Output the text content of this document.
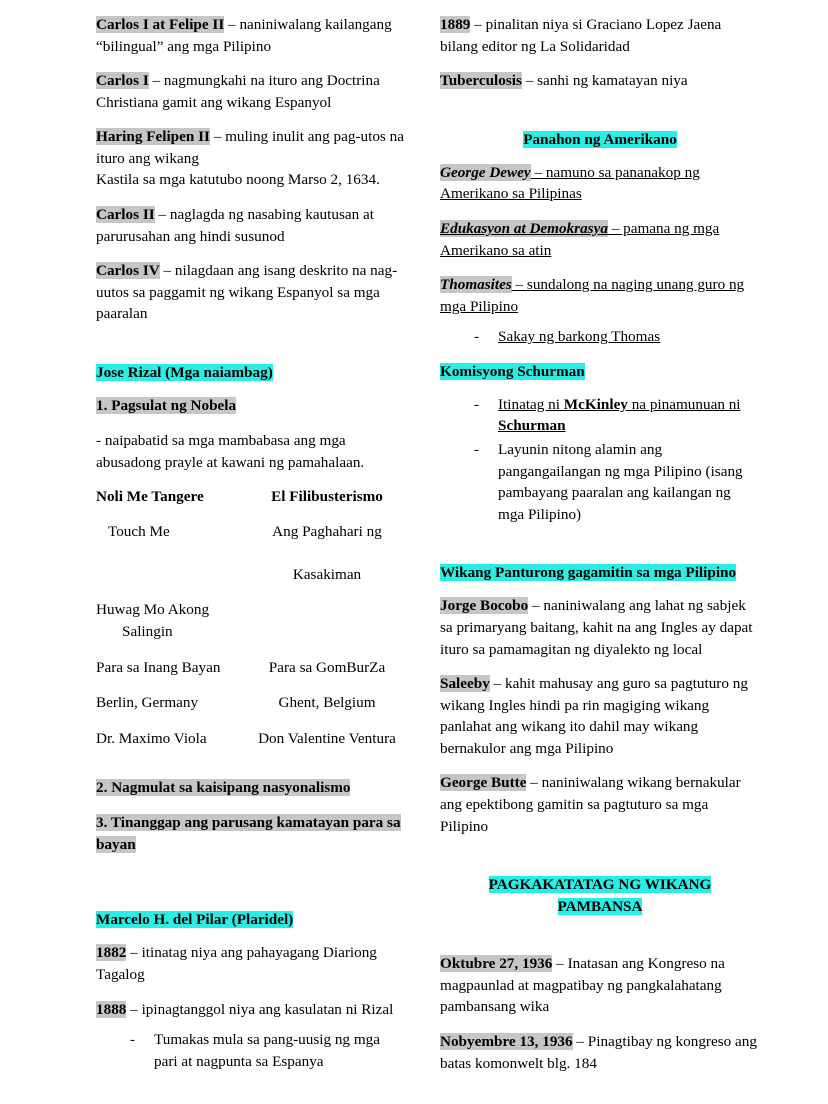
Carlos I at Felipe II – naniniwalang kailangang “bilingual” ang mga Pilipino

Carlos I – nagmungkahi na ituro ang Doctrina Christiana gamit ang wikang Espanyol

Haring Felipen II – muling inulit ang pag-utos na ituro ang wikang
Kastila sa mga katutubo noong Marso 2, 1634.

Carlos II – naglagda ng nasabing kautusan at parurusahan ang hindi susunod

Carlos IV – nilagdaan ang isang deskrito na nag-uutos sa paggamit ng wikang Espanyol sa mga paaralan

Jose Rizal (Mga naiambag)

1. Pagsulat ng Nobela

- naipabatid sa mga mambabasa ang mga abusadong prayle at kawani ng pamahalaan.

Noli Me Tangere	El Filibusterismo
Touch Me	Ang Paghahari ng

Kasakiman
Huwag Mo Akong
Salingin	
Para sa Inang Bayan	Para sa GomBurZa
Berlin, Germany	Ghent, Belgium
Dr. Maximo Viola	Don Valentine Ventura

2. Nagmulat sa kaisipang nasyonalismo

3. Tinanggap ang parusang kamatayan para sa bayan

Marcelo H. del Pilar (Plaridel)

1882 – itinatag niya ang pahayagang Diariong Tagalog

1888 – ipinagtanggol niya ang kasulatan ni Rizal

- Tumakas mula sa pang-uusig ng mga pari at nagpunta sa Espanya

1889 – pinalitan niya si Graciano Lopez Jaena bilang editor ng La Solidaridad

Tuberculosis – sanhi ng kamatayan niya

Panahon ng Amerikano

George Dewey – namuno sa pananakop ng Amerikano sa Pilipinas

Edukasyon at Demokrasya – pamana ng mga Amerikano sa atin

Thomasites – sundalong na naging unang guro ng mga Pilipino

- Sakay ng barkong Thomas

Komisyong Schurman

- Itinatag ni McKinley na pinamunuan ni Schurman
- Layunin nitong alamin ang pangangailangan ng mga Pilipino (isang pambayang paaralan ang kailangan ng mga Pilipino)

Wikang Panturong gagamitin sa mga Pilipino

Jorge Bocobo – naniniwalang ang lahat ng sabjek sa primaryang baitang, kahit na ang Ingles ay dapat ituro sa pamamagitan ng diyalekto ng local

Saleeby – kahit mahusay ang guro sa pagtuturo ng wikang Ingles hindi pa rin magiging wikang panlahat ang wikang ito dahil may wikang bernakulor ang mga Pilipino

George Butte – naniniwalang wikang bernakular ang epektibong gamitin sa pagtuturo sa mga Pilipino

PAGKAKATATAG NG WIKANG
PAMBANSA

Oktubre 27, 1936 – Inatasan ang Kongreso na magpaunlad at magpatibay ng pangkalahatang pambansang wika

Nobyembre 13, 1936 – Pinagtibay ng kongreso ang batas komonwelt blg. 184
